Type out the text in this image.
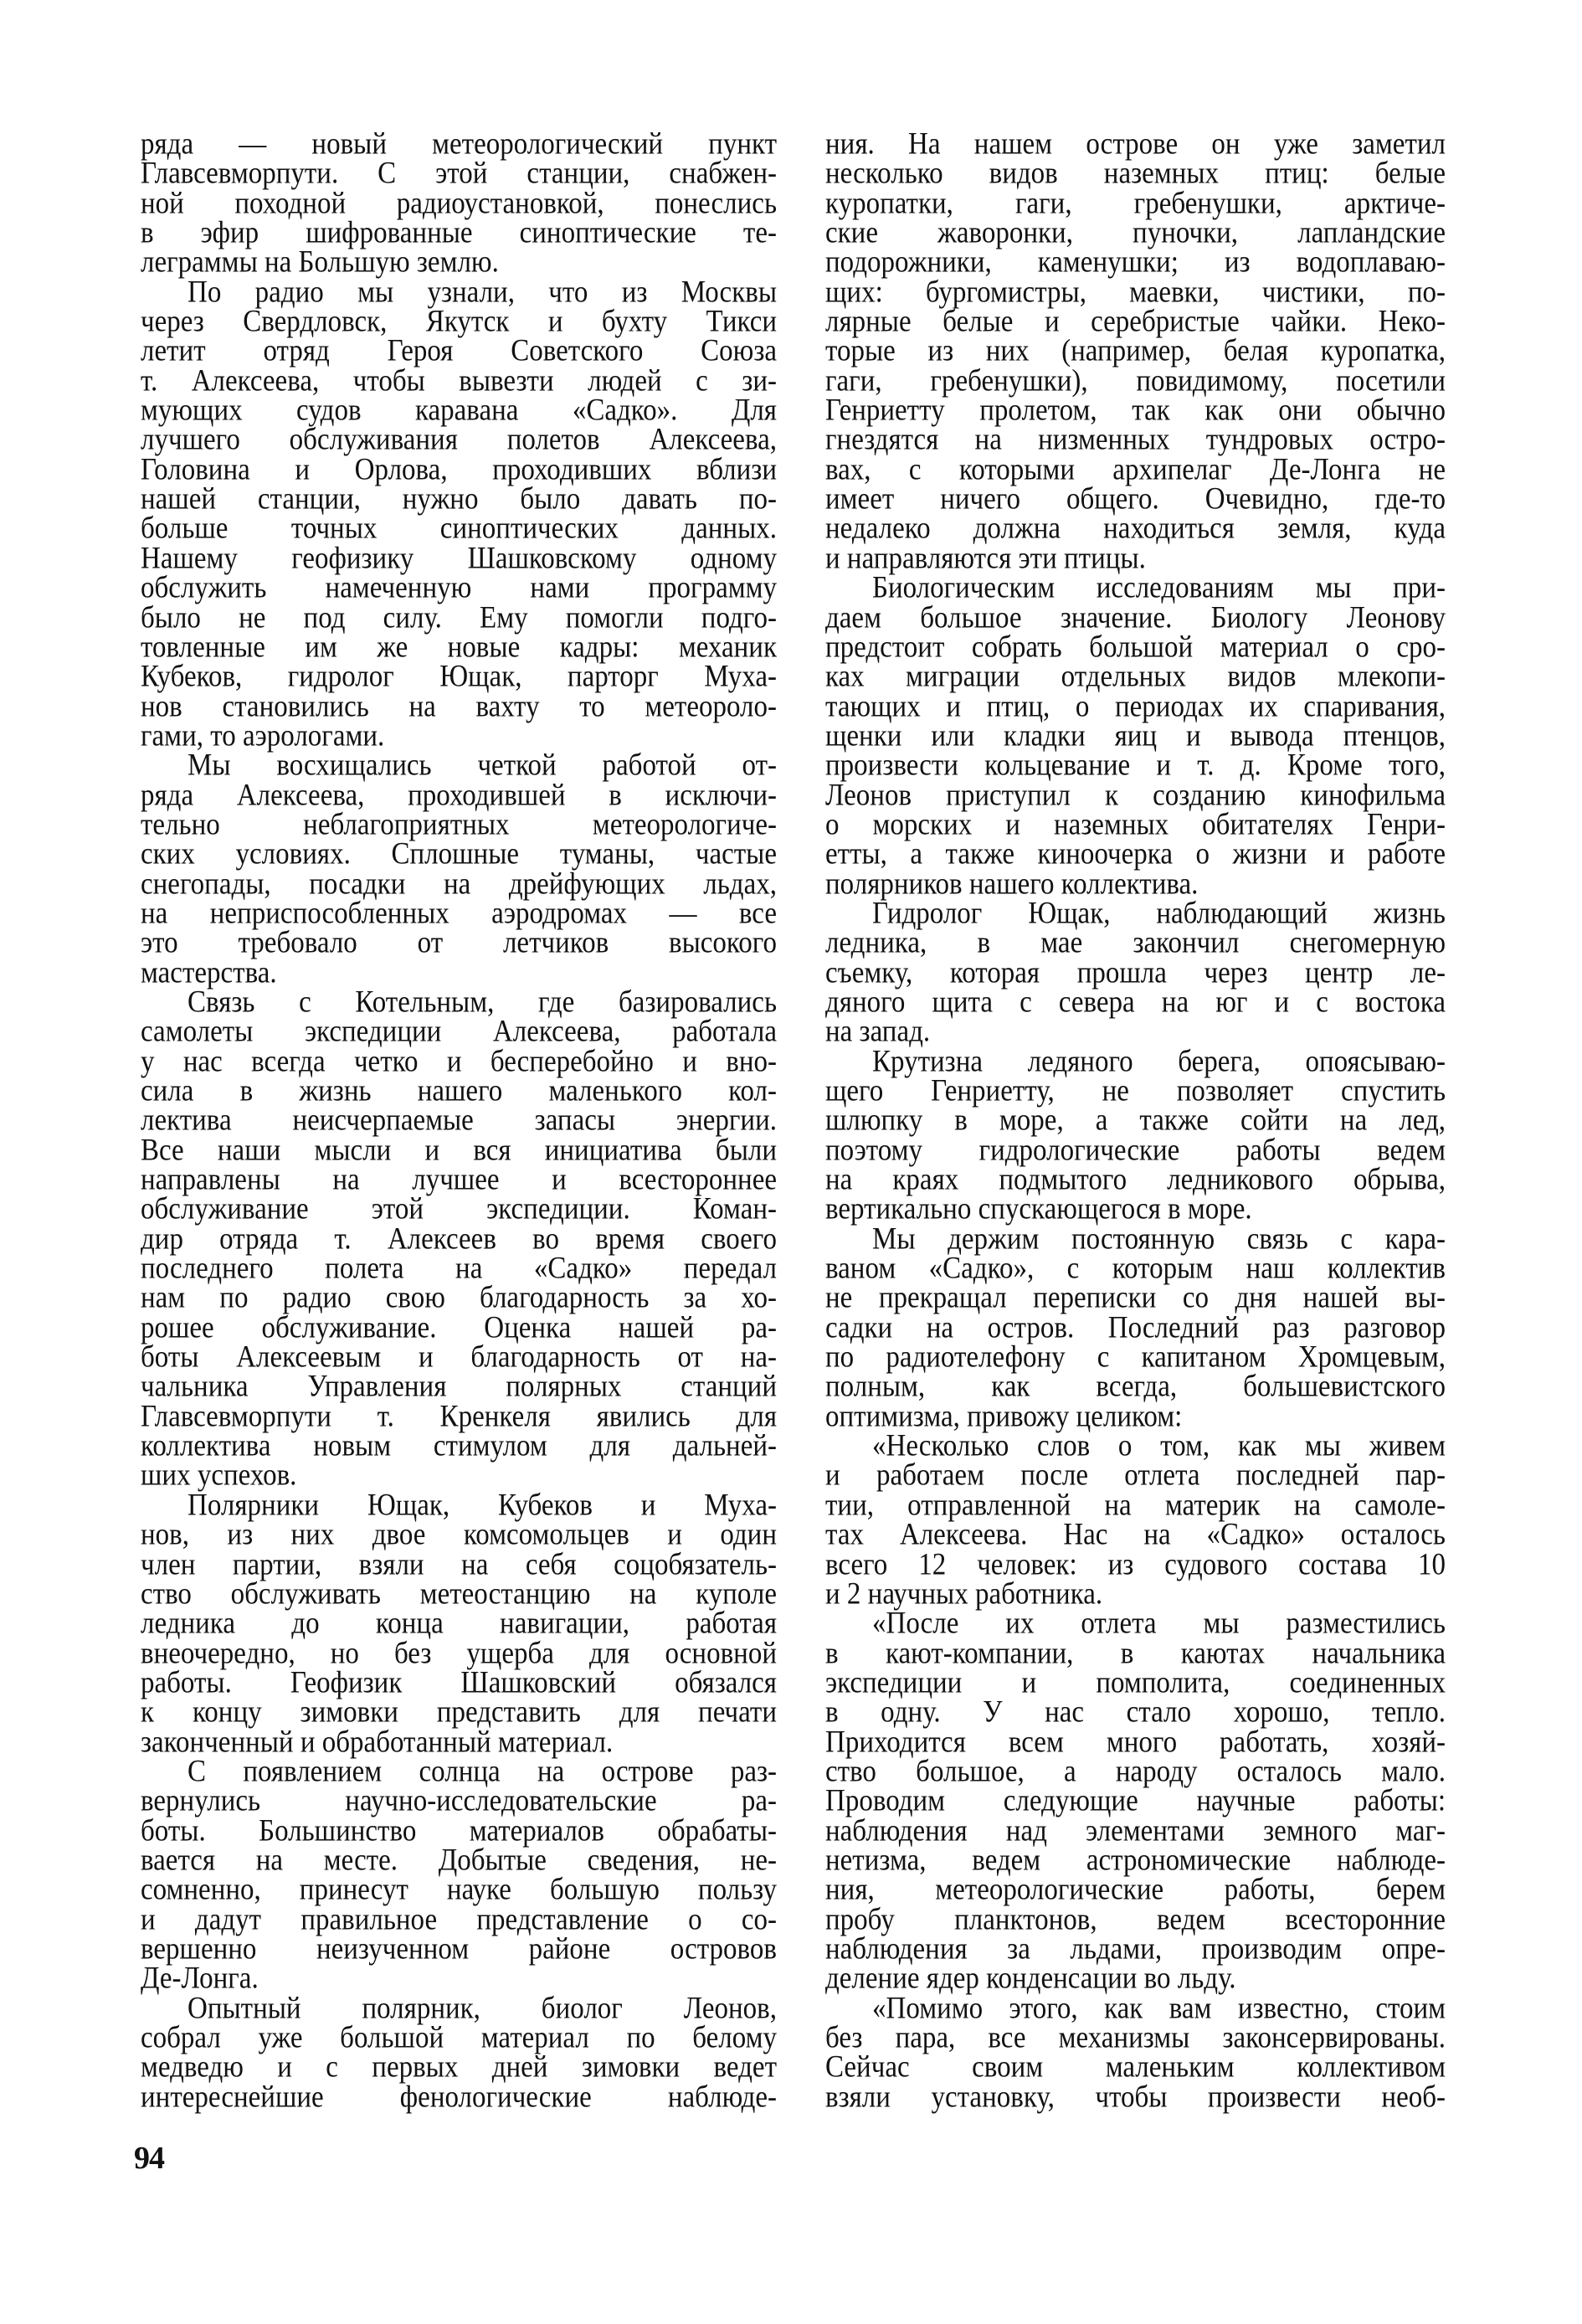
ряда — новый метеорологический пункт
Главсевморпути. С этой станции, снабжен-
ной походной радиоустановкой, понеслись
в эфир шифрованные синоптические те-
леграммы на Большую землю.
По радио мы узнали, что из Москвы
через Свердловск, Якутск и бухту Тикси
летит отряд Героя Советского Союза
т. Алексеева, чтобы вывезти людей с зи-
мующих судов каравана «Садко». Для
лучшего обслуживания полетов Алексеева,
Головина и Орлова, проходивших вблизи
нашей станции, нужно было давать по-
больше точных синоптических данных.
Нашему геофизику Шашковскому одному
обслужить намеченную нами программу
было не под силу. Ему помогли подго-
товленные им же новые кадры: механик
Кубеков, гидролог Ющак, парторг Муха-
нов становились на вахту то метеороло-
гами, то аэрологами.
Мы восхищались четкой работой от-
ряда Алексеева, проходившей в исключи-
тельно неблагоприятных метеорологиче-
ских условиях. Сплошные туманы, частые
снегопады, посадки на дрейфующих льдах,
на неприспособленных аэродромах — все
это требовало от летчиков высокого
мастерства.
Связь с Котельным, где базировались
самолеты экспедиции Алексеева, работала
у нас всегда четко и бесперебойно и вно-
сила в жизнь нашего маленького кол-
лектива неисчерпаемые запасы энергии.
Все наши мысли и вся инициатива были
направлены на лучшее и всестороннее
обслуживание этой экспедиции. Коман-
дир отряда т. Алексеев во время своего
последнего полета на «Садко» передал
нам по радио свою благодарность за хо-
рошее обслуживание. Оценка нашей ра-
боты Алексеевым и благодарность от на-
чальника Управления полярных станций
Главсевморпути т. Кренкеля явились для
коллектива новым стимулом для дальней-
ших успехов.
Полярники Ющак, Кубеков и Муха-
нов, из них двое комсомольцев и один
член партии, взяли на себя соцобязатель-
ство обслуживать метеостанцию на куполе
ледника до конца навигации, работая
внеочередно, но без ущерба для основной
работы. Геофизик Шашковский обязался
к концу зимовки представить для печати
законченный и обработанный материал.
С появлением солнца на острове раз-
вернулись научно-исследовательские ра-
боты. Большинство материалов обрабаты-
вается на месте. Добытые сведения, не-
сомненно, принесут науке большую пользу
и дадут правильное представление о со-
вершенно неизученном районе островов
Де-Лонга.
Опытный полярник, биолог Леонов,
собрал уже большой материал по белому
медведю и с первых дней зимовки ведет
интереснейшие фенологические наблюде-
ния. На нашем острове он уже заметил
несколько видов наземных птиц: белые
куропатки, гаги, гребенушки, арктиче-
ские жаворонки, пуночки, лапландские
подорожники, каменушки; из водоплаваю-
щих: бургомистры, маевки, чистики, по-
лярные белые и серебристые чайки. Неко-
торые из них (например, белая куропатка,
гаги, гребенушки), повидимому, посетили
Генриетту пролетом, так как они обычно
гнездятся на низменных тундровых остро-
вах, с которыми архипелаг Де-Лонга не
имеет ничего общего. Очевидно, где-то
недалеко должна находиться земля, куда
и направляются эти птицы.
Биологическим исследованиям мы при-
даем большое значение. Биологу Леонову
предстоит собрать большой материал о сро-
ках миграции отдельных видов млекопи-
тающих и птиц, о периодах их спаривания,
щенки или кладки яиц и вывода птенцов,
произвести кольцевание и т. д. Кроме того,
Леонов приступил к созданию кинофильма
о морских и наземных обитателях Генри-
етты, а также киноочерка о жизни и работе
полярников нашего коллектива.
Гидролог Ющак, наблюдающий жизнь
ледника, в мае закончил снегомерную
съемку, которая прошла через центр ле-
дяного щита с севера на юг и с востока
на запад.
Крутизна ледяного берега, опоясываю-
щего Генриетту, не позволяет спустить
шлюпку в море, а также сойти на лед,
поэтому гидрологические работы ведем
на краях подмытого ледникового обрыва,
вертикально спускающегося в море.
Мы держим постоянную связь с кара-
ваном «Садко», с которым наш коллектив
не прекращал переписки со дня нашей вы-
садки на остров. Последний раз разговор
по радиотелефону с капитаном Хромцевым,
полным, как всегда, большевистского
оптимизма, привожу целиком:
«Несколько слов о том, как мы живем
и работаем после отлета последней пар-
тии, отправленной на материк на самоле-
тах Алексеева. Нас на «Садко» осталось
всего 12 человек: из судового состава 10
и 2 научных работника.
«После их отлета мы разместились
в кают-компании, в каютах начальника
экспедиции и помполита, соединенных
в одну. У нас стало хорошо, тепло.
Приходится всем много работать, хозяй-
ство большое, а народу осталось мало.
Проводим следующие научные работы:
наблюдения над элементами земного маг-
нетизма, ведем астрономические наблюде-
ния, метеорологические работы, берем
пробу планктонов, ведем всесторонние
наблюдения за льдами, производим опре-
деление ядер конденсации во льду.
«Помимо этого, как вам известно, стоим
без пара, все механизмы законсервированы.
Сейчас своим маленьким коллективом
взяли установку, чтобы произвести необ-
94
